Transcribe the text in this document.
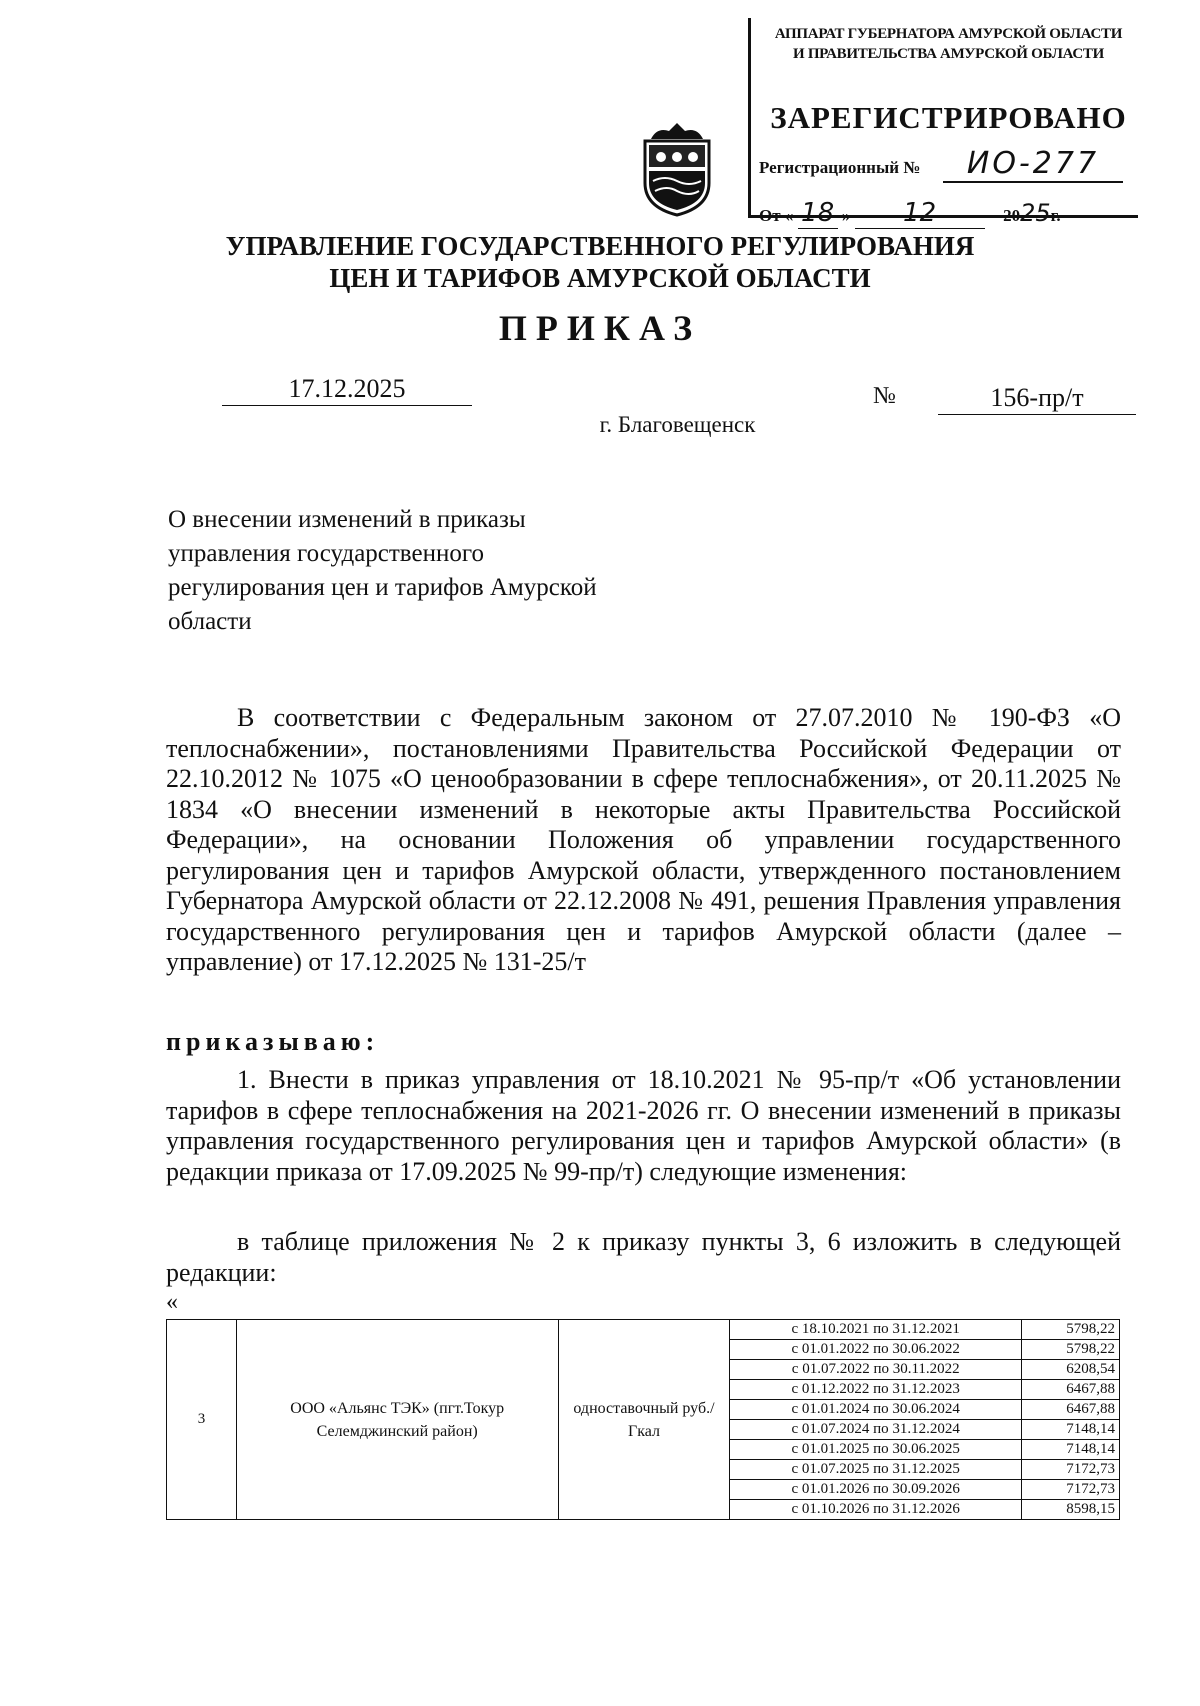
АППАРАТ ГУБЕРНАТОРА АМУРСКОЙ ОБЛАСТИ
И ПРАВИТЕЛЬСТВА АМУРСКОЙ ОБЛАСТИ
ЗАРЕГИСТРИРОВАНО
Регистрационный №	ИО-277
От « 18 » 12	2025г.
УПРАВЛЕНИЕ ГОСУДАРСТВЕННОГО РЕГУЛИРОВАНИЯ
ЦЕН И ТАРИФОВ АМУРСКОЙ ОБЛАСТИ
ПРИКАЗ
17.12.2025	№	156-пр/т
г. Благовещенск
О внесении изменений в приказы управления государственного регулирования цен и тарифов Амурской области
В соответствии с Федеральным законом от 27.07.2010 № 190-ФЗ «О теплоснабжении», постановлениями Правительства Российской Федерации от 22.10.2012 № 1075 «О ценообразовании в сфере теплоснабжения», от 20.11.2025 № 1834 «О внесении изменений в некоторые акты Правительства Российской Федерации», на основании Положения об управлении государственного регулирования цен и тарифов Амурской области, утвержденного постановлением Губернатора Амурской области от 22.12.2008 № 491, решения Правления управления государственного регулирования цен и тарифов Амурской области (далее – управление) от 17.12.2025 № 131-25/т
приказываю:
1. Внести в приказ управления от 18.10.2021 № 95-пр/т «Об установлении тарифов в сфере теплоснабжения на 2021-2026 гг. О внесении изменений в приказы управления государственного регулирования цен и тарифов Амурской области» (в редакции приказа от 17.09.2025 № 99-пр/т) следующие изменения:
в таблице приложения № 2 к приказу пункты 3, 6 изложить в следующей редакции:
«
3	ООО «Альянс ТЭК» (пгт.Токур Селемджинский район)	одноставочный руб./Гкал	с 18.10.2021 по 31.12.2021	5798,22
			с 01.01.2022 по 30.06.2022	5798,22
			с 01.07.2022 по 30.11.2022	6208,54
			с 01.12.2022 по 31.12.2023	6467,88
			с 01.01.2024 по 30.06.2024	6467,88
			с 01.07.2024 по 31.12.2024	7148,14
			с 01.01.2025 по 30.06.2025	7148,14
			с 01.07.2025 по 31.12.2025	7172,73
			с 01.01.2026 по 30.09.2026	7172,73
			с 01.10.2026 по 31.12.2026	8598,15
